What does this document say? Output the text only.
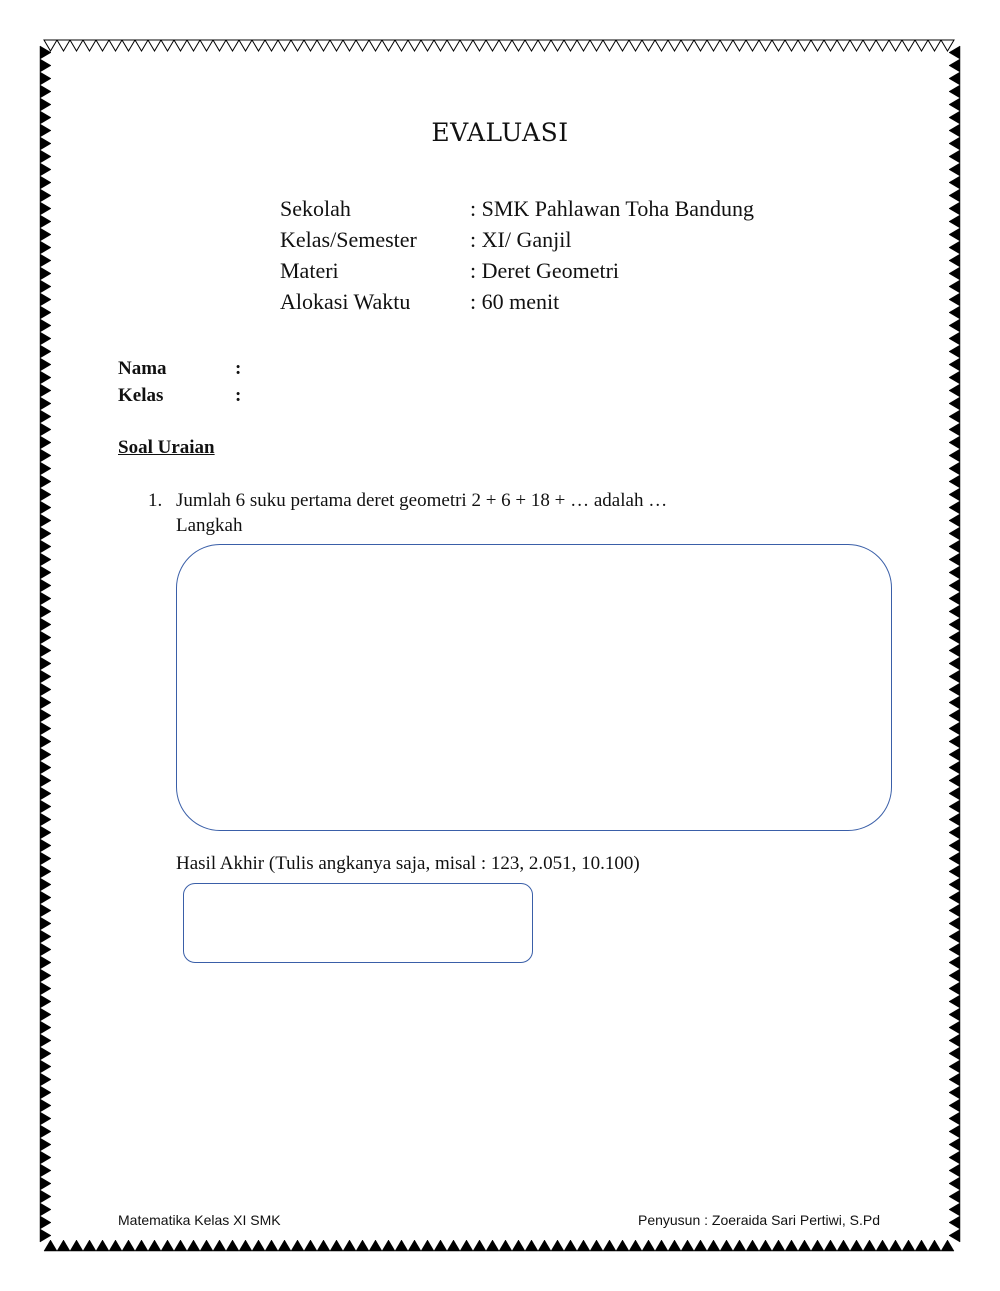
EVALUASI
Sekolah	: SMK Pahlawan Toha Bandung
Kelas/Semester : XI/ Ganjil
Materi	: Deret Geometri
Alokasi Waktu	: 60 menit
Nama	:
Kelas	:
Soal Uraian
1. Jumlah 6 suku pertama deret geometri 2 + 6 + 18 + … adalah …
Langkah
Hasil Akhir (Tulis angkanya saja, misal : 123, 2.051, 10.100)
Matematika Kelas XI SMK	Penyusun : Zoeraida Sari Pertiwi, S.Pd
